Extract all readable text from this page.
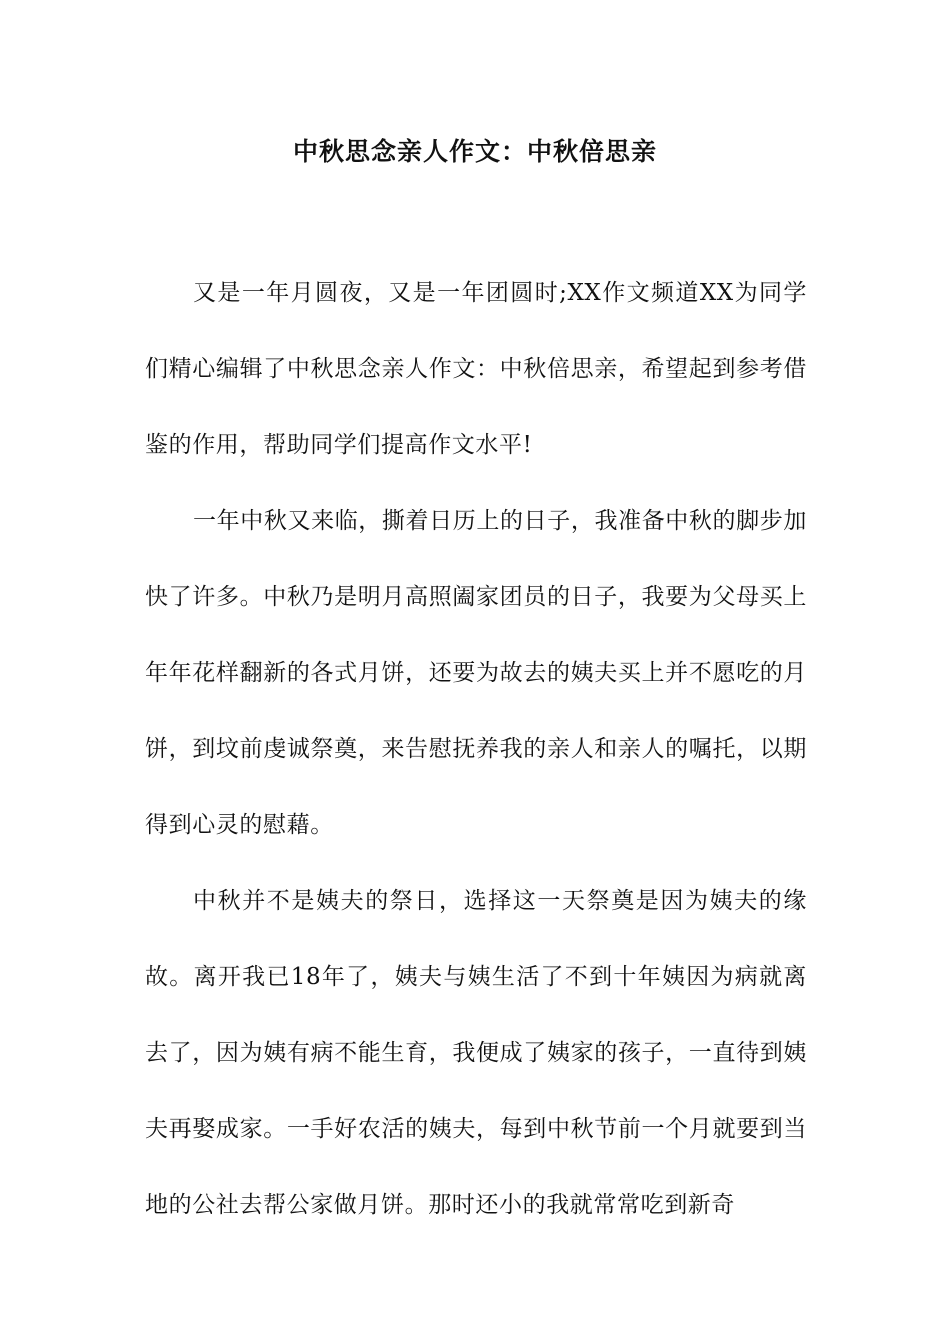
中秋思念亲人作文：中秋倍思亲

又是一年月圆夜，又是一年团圆时;XX作文频道XX为同学们精心编辑了中秋思念亲人作文：中秋倍思亲，希望起到参考借鉴的作用，帮助同学们提高作文水平!

一年中秋又来临，撕着日历上的日子，我准备中秋的脚步加快了许多。中秋乃是明月高照阖家团员的日子，我要为父母买上年年花样翻新的各式月饼，还要为故去的姨夫买上并不愿吃的月饼，到坟前虔诚祭奠，来告慰抚养我的亲人和亲人的嘱托，以期得到心灵的慰藉。

中秋并不是姨夫的祭日，选择这一天祭奠是因为姨夫的缘故。离开我已18年了，姨夫与姨生活了不到十年姨因为病就离去了，因为姨有病不能生育，我便成了姨家的孩子，一直待到姨夫再娶成家。一手好农活的姨夫，每到中秋节前一个月就要到当地的公社去帮公家做月饼。那时还小的我就常常吃到新奇
